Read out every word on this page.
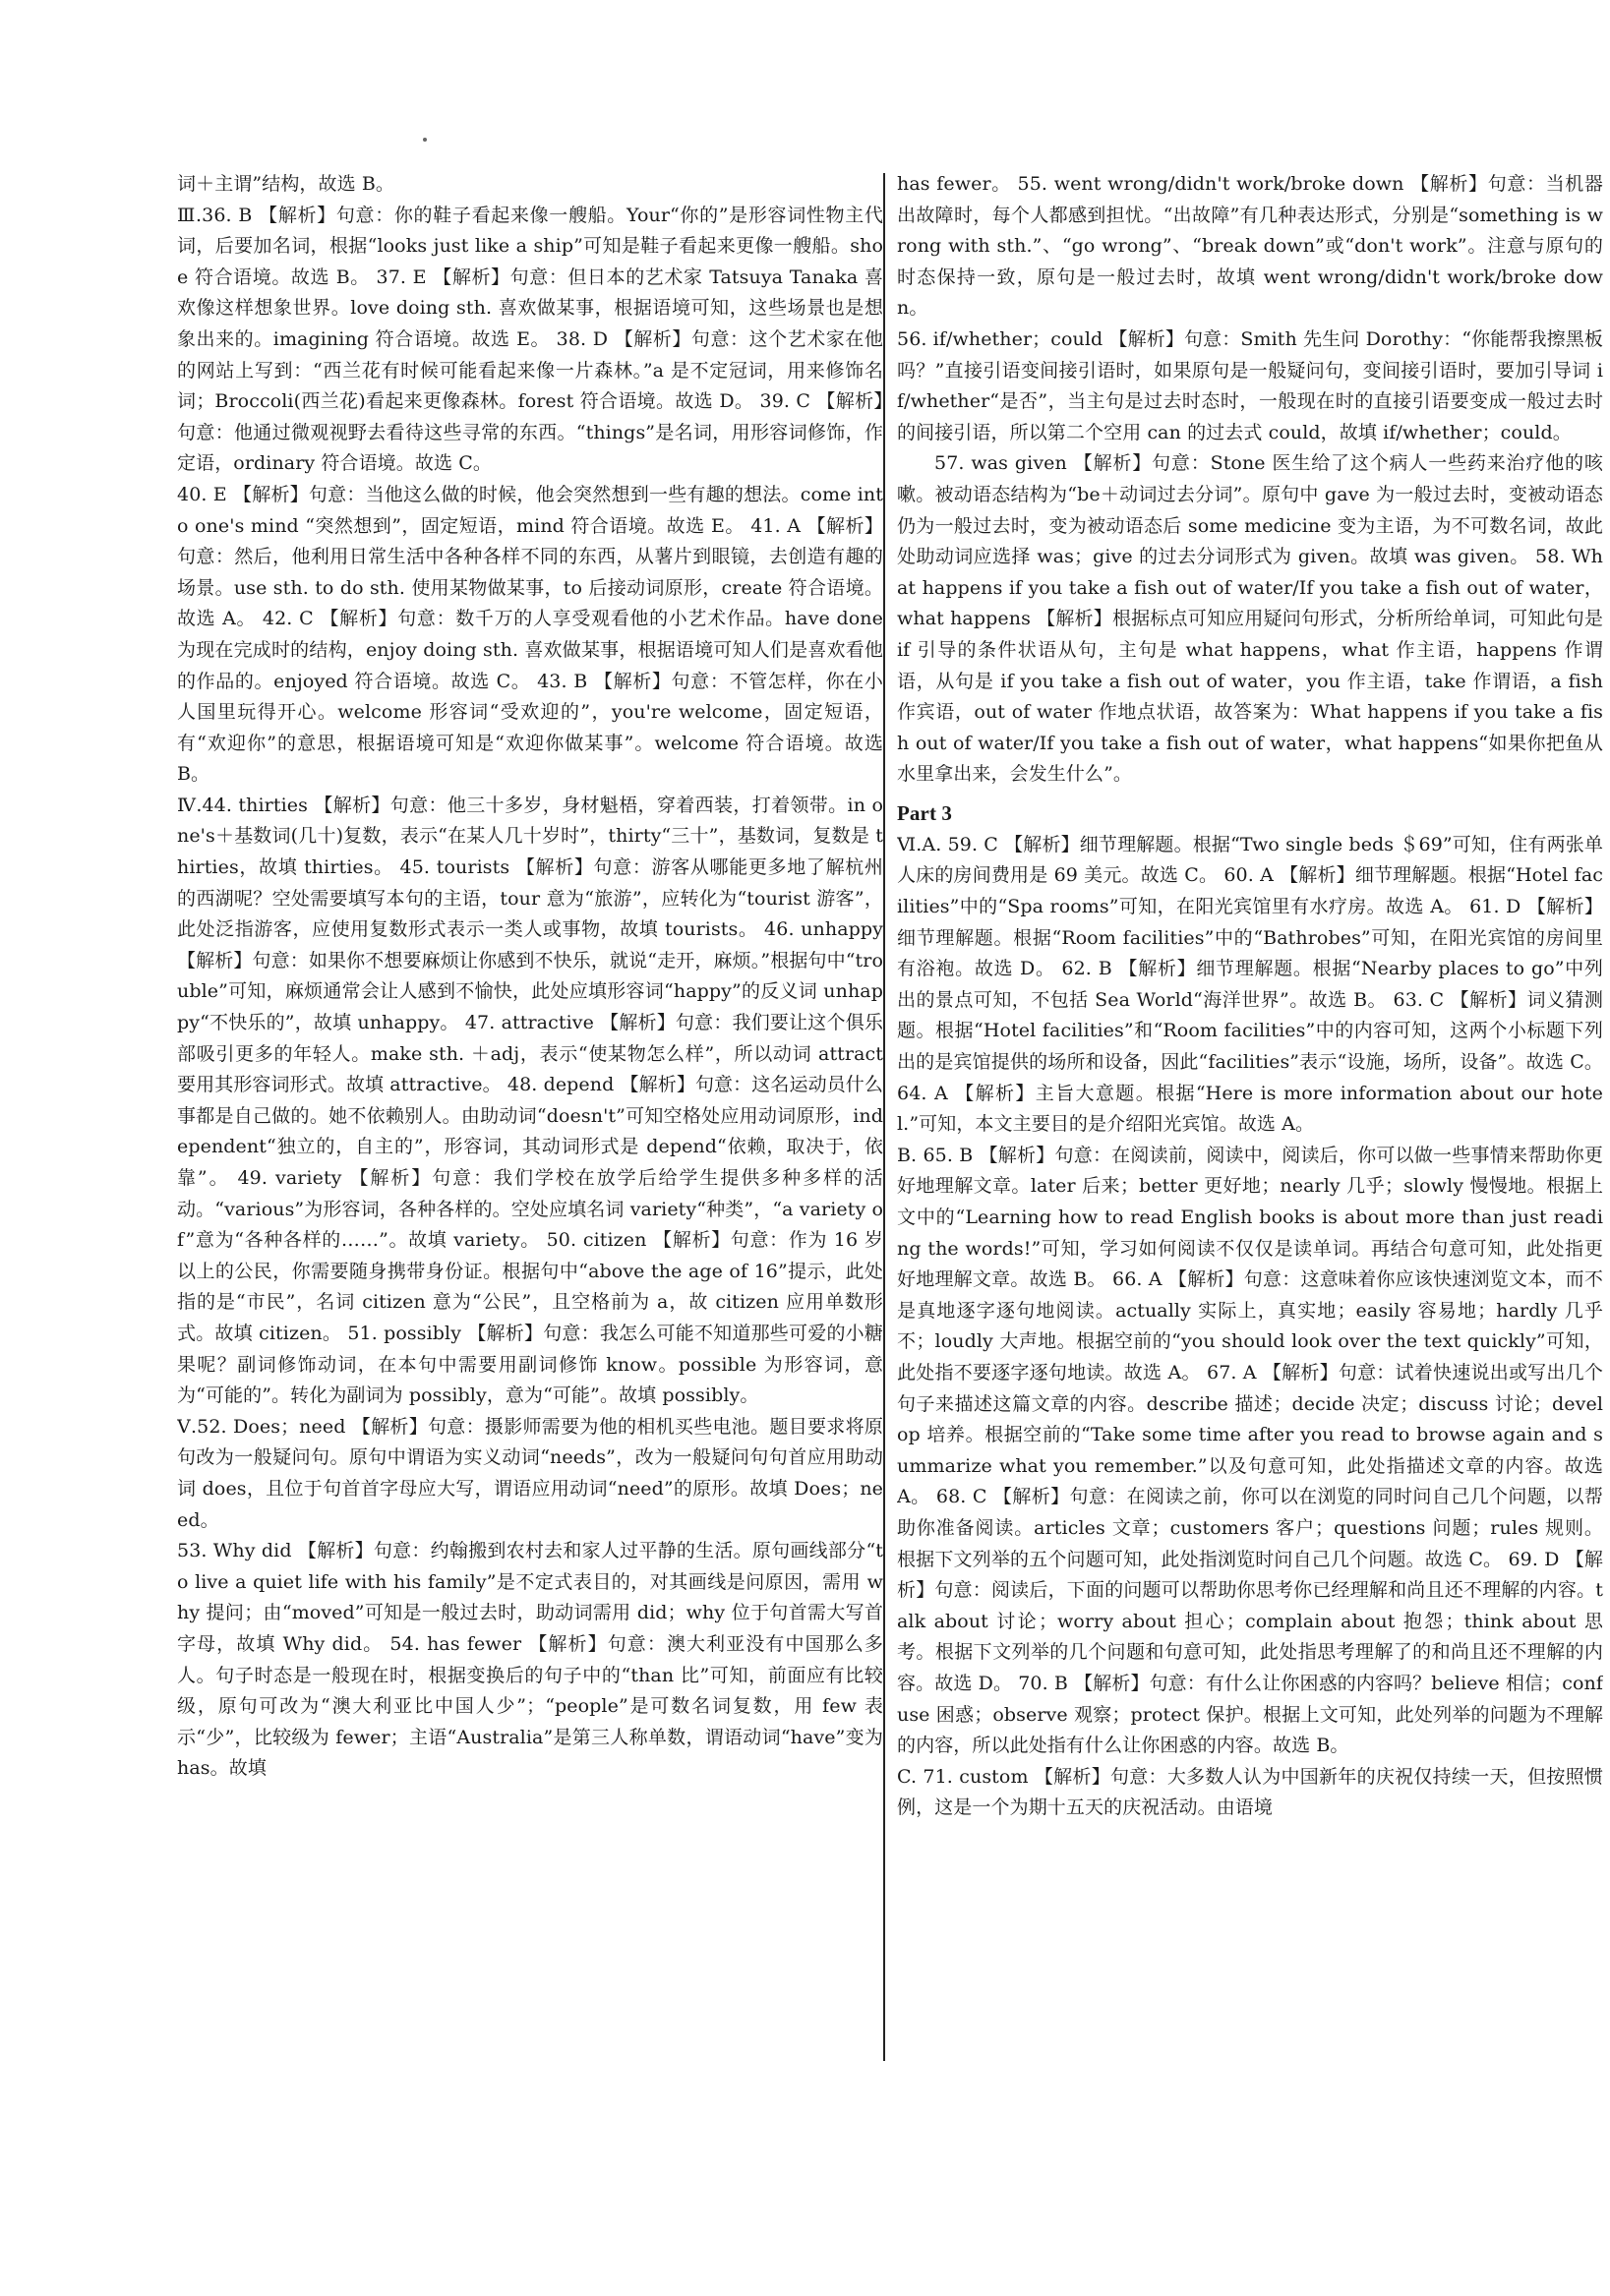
词＋主谓”结构，故选 B。

Ⅲ.36. B 【解析】句意：你的鞋子看起来像一艘船。Your“你的”是形容词性物主代词，后要加名词，根据“looks just like a ship”可知是鞋子看起来更像一艘船。shoe 符合语境。故选 B。 37. E 【解析】句意：但日本的艺术家 Tatsuya Tanaka 喜欢像这样想象世界。love doing sth. 喜欢做某事，根据语境可知，这些场景也是想象出来的。imagining 符合语境。故选 E。 38. D 【解析】句意：这个艺术家在他的网站上写到：“西兰花有时候可能看起来像一片森林。”a 是不定冠词，用来修饰名词；Broccoli(西兰花)看起来更像森林。forest 符合语境。故选 D。 39. C 【解析】句意：他通过微观视野去看待这些寻常的东西。“things”是名词，用形容词修饰，作定语，ordinary 符合语境。故选 C。

40. E 【解析】句意：当他这么做的时候，他会突然想到一些有趣的想法。come into one's mind “突然想到”，固定短语，mind 符合语境。故选 E。 41. A 【解析】句意：然后，他利用日常生活中各种各样不同的东西，从薯片到眼镜，去创造有趣的场景。use sth. to do sth. 使用某物做某事，to 后接动词原形，create 符合语境。故选 A。 42. C 【解析】句意：数千万的人享受观看他的小艺术作品。have done 为现在完成时的结构，enjoy doing sth. 喜欢做某事，根据语境可知人们是喜欢看他的作品的。enjoyed 符合语境。故选 C。 43. B 【解析】句意：不管怎样，你在小人国里玩得开心。welcome 形容词“受欢迎的”，you're welcome，固定短语，有“欢迎你”的意思，根据语境可知是“欢迎你做某事”。welcome 符合语境。故选 B。

Ⅳ.44. thirties 【解析】句意：他三十多岁，身材魁梧，穿着西装，打着领带。in one's＋基数词(几十)复数，表示“在某人几十岁时”，thirty“三十”，基数词，复数是 thirties，故填 thirties。 45. tourists 【解析】句意：游客从哪能更多地了解杭州的西湖呢？空处需要填写本句的主语，tour 意为“旅游”，应转化为“tourist 游客”，此处泛指游客，应使用复数形式表示一类人或事物，故填 tourists。 46. unhappy 【解析】句意：如果你不想要麻烦让你感到不快乐，就说“走开，麻烦。”根据句中“trouble”可知，麻烦通常会让人感到不愉快，此处应填形容词“happy”的反义词 unhappy“不快乐的”，故填 unhappy。 47. attractive 【解析】句意：我们要让这个俱乐部吸引更多的年轻人。make sth. ＋adj，表示“使某物怎么样”，所以动词 attract 要用其形容词形式。故填 attractive。 48. depend 【解析】句意：这名运动员什么事都是自己做的。她不依赖别人。由助动词“doesn't”可知空格处应用动词原形，independent“独立的，自主的”，形容词，其动词形式是 depend“依赖，取决于，依靠”。 49. variety 【解析】句意：我们学校在放学后给学生提供多种多样的活动。“various”为形容词，各种各样的。空处应填名词 variety“种类”，“a variety of”意为“各种各样的……”。故填 variety。 50. citizen 【解析】句意：作为 16 岁以上的公民，你需要随身携带身份证。根据句中“above the age of 16”提示，此处指的是“市民”，名词 citizen 意为“公民”，且空格前为 a，故 citizen 应用单数形式。故填 citizen。 51. possibly 【解析】句意：我怎么可能不知道那些可爱的小糖果呢？副词修饰动词，在本句中需要用副词修饰 know。possible 为形容词，意为“可能的”。转化为副词为 possibly，意为“可能”。故填 possibly。

Ⅴ.52. Does；need 【解析】句意：摄影师需要为他的相机买些电池。题目要求将原句改为一般疑问句。原句中谓语为实义动词“needs”，改为一般疑问句句首应用助动词 does，且位于句首首字母应大写，谓语应用动词“need”的原形。故填 Does；need。

53. Why did 【解析】句意：约翰搬到农村去和家人过平静的生活。原句画线部分“to live a quiet life with his family”是不定式表目的，对其画线是问原因，需用 why 提问；由“moved”可知是一般过去时，助动词需用 did；why 位于句首需大写首字母，故填 Why did。 54. has fewer 【解析】句意：澳大利亚没有中国那么多人。句子时态是一般现在时，根据变换后的句子中的“than 比”可知，前面应有比较级，原句可改为“澳大利亚比中国人少”；“people”是可数名词复数，用 few 表示“少”，比较级为 fewer；主语“Australia”是第三人称单数，谓语动词“have”变为 has。故填

has fewer。 55. went wrong/didn't work/broke down 【解析】句意：当机器出故障时，每个人都感到担忧。“出故障”有几种表达形式，分别是“something is wrong with sth.”、“go wrong”、“break down”或“don't work”。注意与原句的时态保持一致，原句是一般过去时，故填 went wrong/didn't work/broke down。

56. if/whether；could 【解析】句意：Smith 先生问 Dorothy：“你能帮我擦黑板吗？”直接引语变间接引语时，如果原句是一般疑问句，变间接引语时，要加引导词 if/whether“是否”，当主句是过去时态时，一般现在时的直接引语要变成一般过去时的间接引语，所以第二个空用 can 的过去式 could，故填 if/whether；could。

57. was given 【解析】句意：Stone 医生给了这个病人一些药来治疗他的咳嗽。被动语态结构为“be＋动词过去分词”。原句中 gave 为一般过去时，变被动语态仍为一般过去时，变为被动语态后 some medicine 变为主语，为不可数名词，故此处助动词应选择 was；give 的过去分词形式为 given。故填 was given。 58. What happens if you take a fish out of water/If you take a fish out of water，what happens 【解析】根据标点可知应用疑问句形式，分析所给单词，可知此句是 if 引导的条件状语从句，主句是 what happens，what 作主语，happens 作谓语，从句是 if you take a fish out of water，you 作主语，take 作谓语，a fish 作宾语，out of water 作地点状语，故答案为：What happens if you take a fish out of water/If you take a fish out of water，what happens“如果你把鱼从水里拿出来，会发生什么”。

Part 3

Ⅵ.A. 59. C 【解析】细节理解题。根据“Two single beds ＄69”可知，住有两张单人床的房间费用是 69 美元。故选 C。 60. A 【解析】细节理解题。根据“Hotel facilities”中的“Spa rooms”可知，在阳光宾馆里有水疗房。故选 A。 61. D 【解析】细节理解题。根据“Room facilities”中的“Bathrobes”可知，在阳光宾馆的房间里有浴袍。故选 D。 62. B 【解析】细节理解题。根据“Nearby places to go”中列出的景点可知，不包括 Sea World“海洋世界”。故选 B。 63. C 【解析】词义猜测题。根据“Hotel facilities”和“Room facilities”中的内容可知，这两个小标题下列出的是宾馆提供的场所和设备，因此“facilities”表示“设施，场所，设备”。故选 C。 64. A 【解析】主旨大意题。根据“Here is more information about our hotel.”可知，本文主要目的是介绍阳光宾馆。故选 A。

B. 65. B 【解析】句意：在阅读前，阅读中，阅读后，你可以做一些事情来帮助你更好地理解文章。later 后来；better 更好地；nearly 几乎；slowly 慢慢地。根据上文中的“Learning how to read English books is about more than just reading the words!”可知，学习如何阅读不仅仅是读单词。再结合句意可知，此处指更好地理解文章。故选 B。 66. A 【解析】句意：这意味着你应该快速浏览文本，而不是真地逐字逐句地阅读。actually 实际上，真实地；easily 容易地；hardly 几乎不；loudly 大声地。根据空前的“you should look over the text quickly”可知，此处指不要逐字逐句地读。故选 A。 67. A 【解析】句意：试着快速说出或写出几个句子来描述这篇文章的内容。describe 描述；decide 决定；discuss 讨论；develop 培养。根据空前的“Take some time after you read to browse again and summarize what you remember.”以及句意可知，此处指描述文章的内容。故选 A。 68. C 【解析】句意：在阅读之前，你可以在浏览的同时问自己几个问题，以帮助你准备阅读。articles 文章；customers 客户；questions 问题；rules 规则。根据下文列举的五个问题可知，此处指浏览时问自己几个问题。故选 C。 69. D 【解析】句意：阅读后，下面的问题可以帮助你思考你已经理解和尚且还不理解的内容。talk about 讨论；worry about 担心；complain about 抱怨；think about 思考。根据下文列举的几个问题和句意可知，此处指思考理解了的和尚且还不理解的内容。故选 D。 70. B 【解析】句意：有什么让你困惑的内容吗？believe 相信；confuse 困惑；observe 观察；protect 保护。根据上文可知，此处列举的问题为不理解的内容，所以此处指有什么让你困惑的内容。故选 B。

C. 71. custom 【解析】句意：大多数人认为中国新年的庆祝仅持续一天，但按照惯例，这是一个为期十五天的庆祝活动。由语境
